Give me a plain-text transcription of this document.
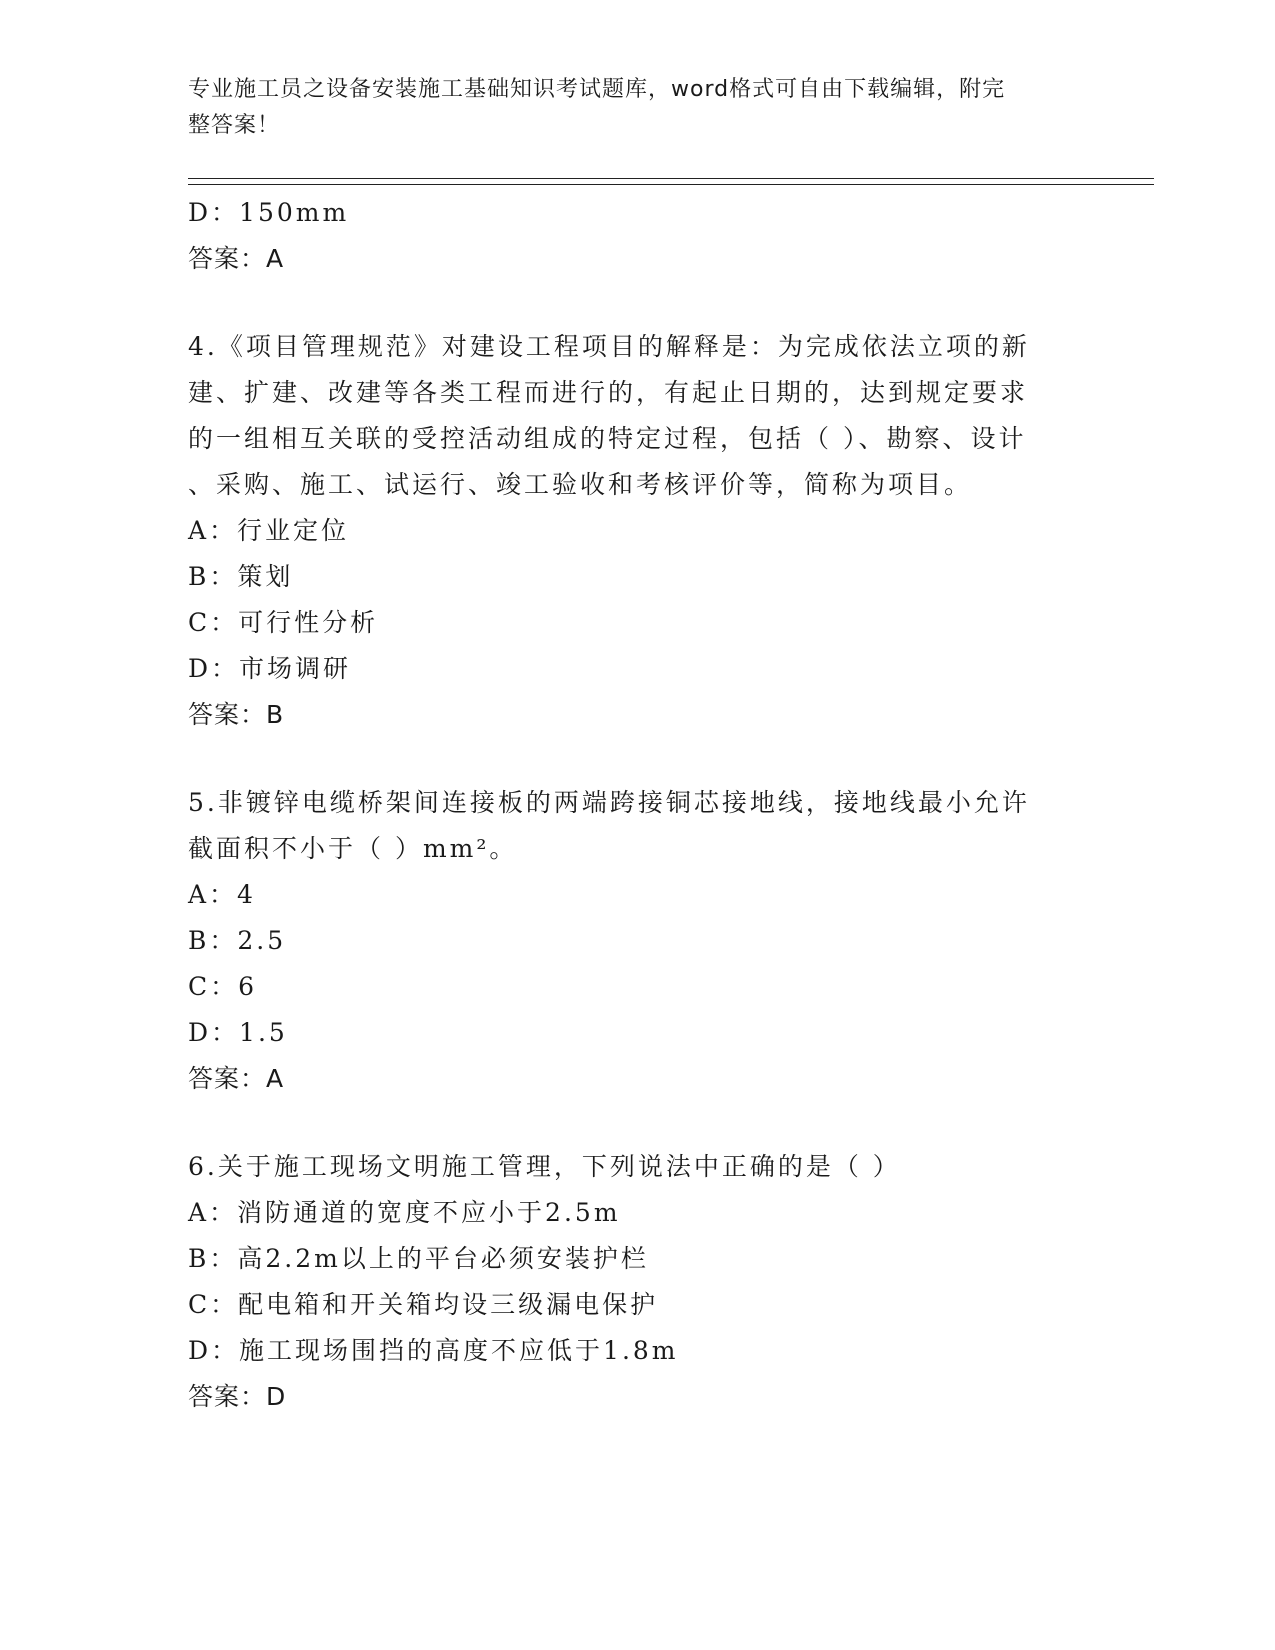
专业施工员之设备安装施工基础知识考试题库，word格式可自由下载编辑，附完
整答案！
D：150mm
答案：A
4.《项目管理规范》对建设工程项目的解释是：为完成依法立项的新
建、扩建、改建等各类工程而进行的，有起止日期的，达到规定要求
的一组相互关联的受控活动组成的特定过程，包括（ ）、勘察、设计
、采购、施工、试运行、竣工验收和考核评价等，简称为项目。
A：行业定位
B：策划
C：可行性分析
D：市场调研
答案：B
5.非镀锌电缆桥架间连接板的两端跨接铜芯接地线，接地线最小允许
截面积不小于（ ）mm²。
A：4
B：2.5
C：6
D：1.5
答案：A
6.关于施工现场文明施工管理，下列说法中正确的是（ ）
A：消防通道的宽度不应小于2.5m
B：高2.2m以上的平台必须安装护栏
C：配电箱和开关箱均设三级漏电保护
D：施工现场围挡的高度不应低于1.8m
答案：D
